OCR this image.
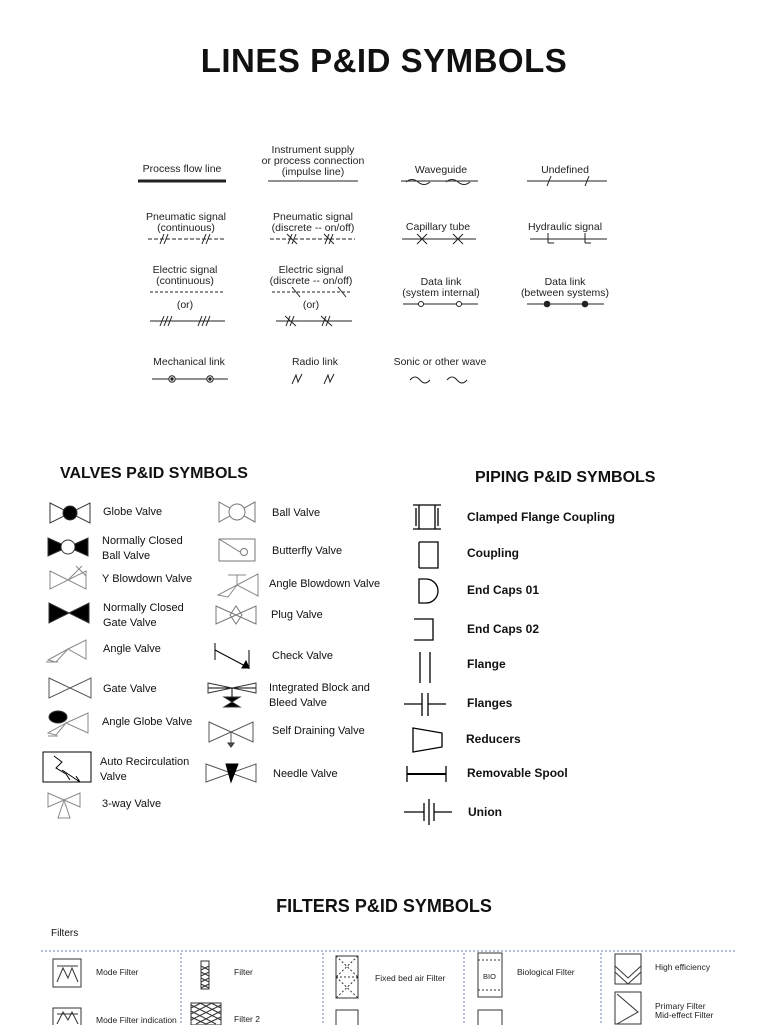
LINES P&ID SYMBOLS
Process flow line
Instrument supply
or process connection
(impulse line)	Waveguide	Undefined
Pneumatic signal
(continuous)
Pneumatic signal
(discrete -- on/off)	Capillary tube	Hydraulic signal
Electric signal
(continuous)
(or)
Electric signal
(discrete -- on/off)
(or)
Data link
(system internal)
Data link
(between systems)
Mechanical link	Radio link	Sonic or other wave
VALVES P&ID SYMBOLS	PIPING P&ID SYMBOLS
Globe Valve
Normally Closed
Ball Valve
Y Blowdown Valve
Normally Closed
Gate Valve
Angle Valve
Gate Valve
Angle Globe Valve
Auto Recirculation
Valve
3-way Valve
Ball Valve
Butterfly Valve
Angle Blowdown Valve
Plug Valve
Check Valve
Integrated Block and
Bleed Valve
Self Draining Valve
Needle Valve
Clamped Flange Coupling
Coupling
End Caps 01
End Caps 02
Flange
Flanges
Reducers
Removable Spool
Union
FILTERS P&ID SYMBOLS
Filters
Mode Filter
Mode Filter indication
Filter
Filter 2
Fixed bed air Filter
Biological Filter
BIO
High efficiency
Primary Filter
Mid-effect Filter
